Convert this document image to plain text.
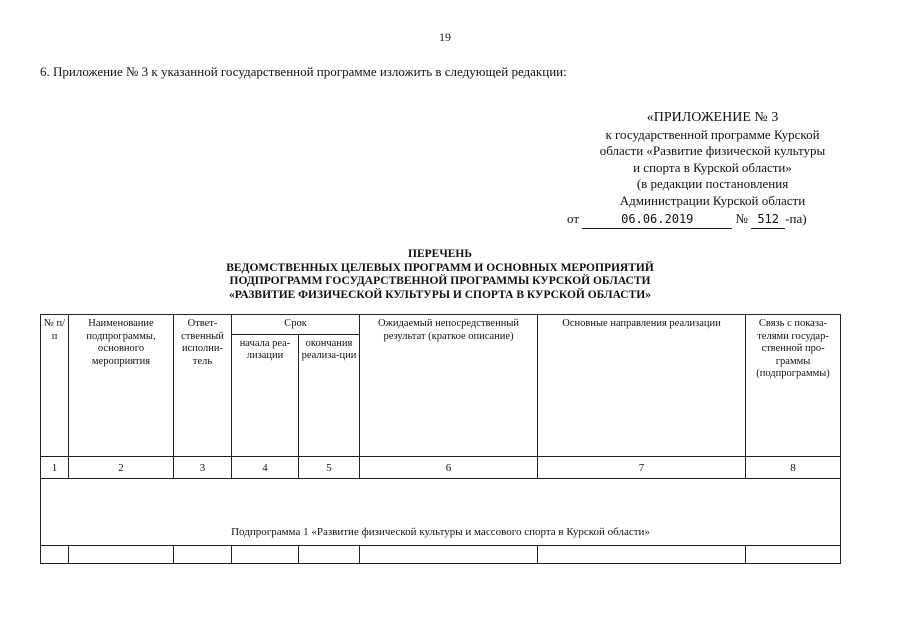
19
6. Приложение № 3 к указанной государственной программе изложить в следующей редакции:
«ПРИЛОЖЕНИЕ № 3
к государственной программе Курской
области «Развитие физической культуры
и спорта в Курской области»
(в редакции постановления
Администрации Курской области
от	06.06.2019	№ 512 -па)
ПЕРЕЧЕНЬ
ВЕДОМСТВЕННЫХ ЦЕЛЕВЫХ ПРОГРАММ И ОСНОВНЫХ МЕРОПРИЯТИЙ
ПОДПРОГРАММ ГОСУДАРСТВЕННОЙ ПРОГРАММЫ КУРСКОЙ ОБЛАСТИ
«РАЗВИТИЕ ФИЗИЧЕСКОЙ КУЛЬТУРЫ И СПОРТА В КУРСКОЙ ОБЛАСТИ»
№ п/п	Наименование подпрограммы, основного мероприятия	Ответ-ственный исполни-тель	Срок		Ожидаемый непосредственный результат (краткое описание)	Основные направления реализации	Связь с показа-телями государ-ственной про-граммы (подпрограммы)
			начала реа-лизации	окончания реализа-ции			
1	2	3	4	5	6	7	8
Подпрограмма 1 «Развитие физической культуры и массового спорта в Курской области»							
